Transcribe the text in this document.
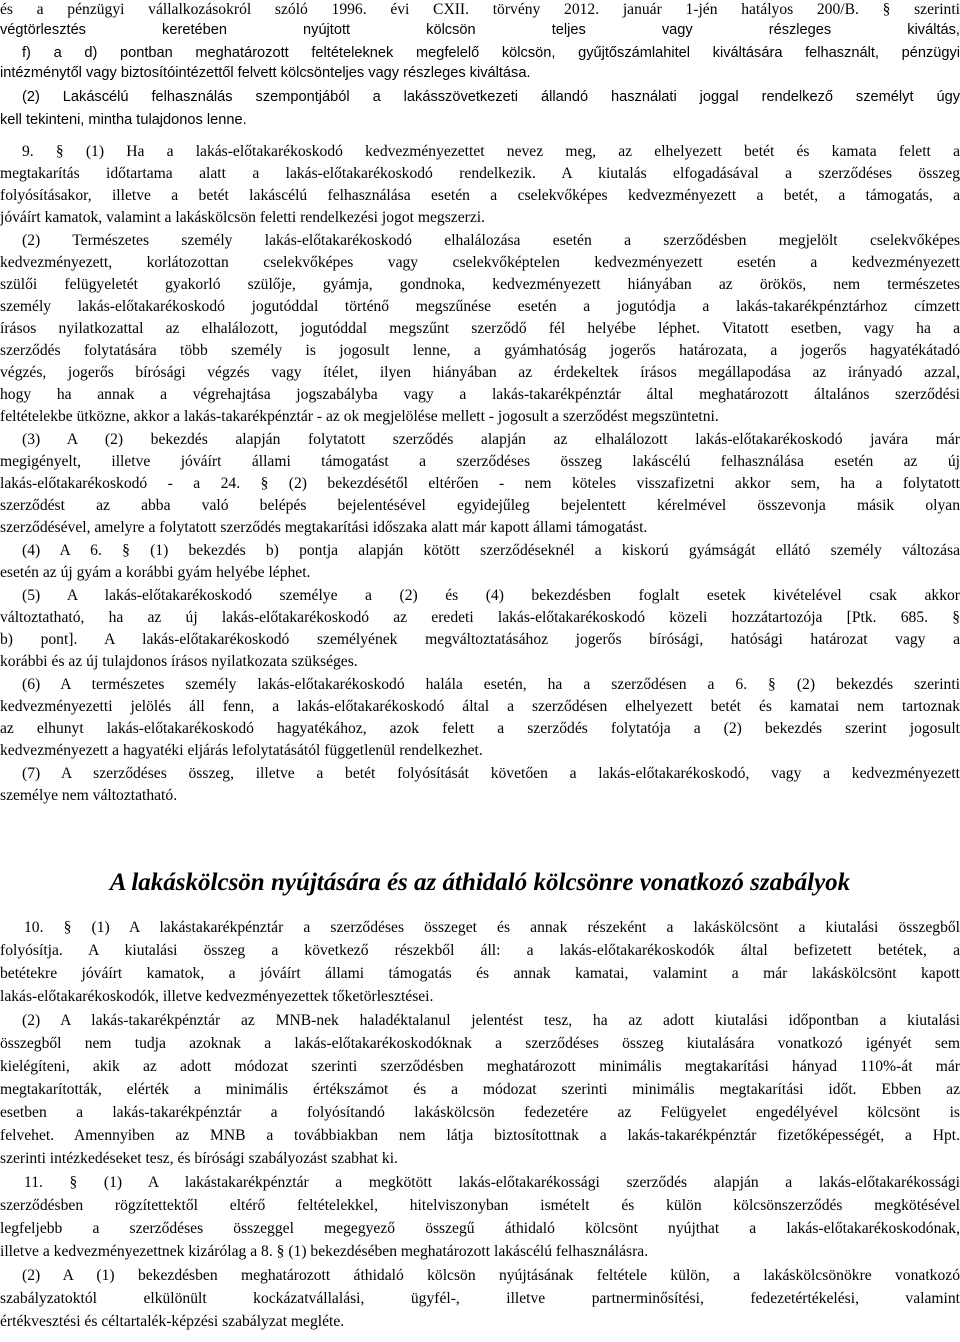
és a pénzügyi vállalkozásokról szóló 1996. évi CXII. törvény 2012. január 1-jén hatályos 200/B. § szerinti
végtörlesztés keretében nyújtott kölcsön teljes vagy részleges kiváltás,
f) a d) pontban meghatározott feltételeknek megfelelő kölcsön, gyűjtőszámlahitel kiváltására felhasznált, pénzügyi
intézménytől vagy biztosítóintézettől felvett kölcsönteljes vagy részleges kiváltása.
(2) Lakáscélú felhasználás szempontjából a lakásszövetkezeti állandó használati joggal rendelkező személyt úgy
kell tekinteni, mintha tulajdonos lenne.
9. § (1) Ha a lakás-előtakarékoskodó kedvezményezettet nevez meg, az elhelyezett betét és kamata felett a
megtakarítás időtartama alatt a lakás-előtakarékoskodó rendelkezik. A kiutalás elfogadásával a szerződéses összeg
folyósításakor, illetve a betét lakáscélú felhasználása esetén a cselekvőképes kedvezményezett a betét, a támogatás, a
jóváírt kamatok, valamint a lakáskölcsön feletti rendelkezési jogot megszerzi.
(2) Természetes személy lakás-előtakarékoskodó elhalálozása esetén a szerződésben megjelölt cselekvőképes
kedvezményezett, korlátozottan cselekvőképes vagy cselekvőképtelen kedvezményezett esetén a kedvezményezett
szülői felügyeletét gyakorló szülője, gyámja, gondnoka, kedvezményezett hiányában az örökös, nem természetes
személy lakás-előtakarékoskodó jogutóddal történő megszűnése esetén a jogutódja a lakás-takarékpénztárhoz címzett
írásos nyilatkozattal az elhalálozott, jogutóddal megszűnt szerződő fél helyébe léphet. Vitatott esetben, vagy ha a
szerződés folytatására több személy is jogosult lenne, a gyámhatóság jogerős határozata, a jogerős hagyatékátadó
végzés, jogerős bírósági végzés vagy ítélet, ilyen hiányában az érdekeltek írásos megállapodása az irányadó azzal,
hogy ha annak a végrehajtása jogszabályba vagy a lakás-takarékpénztár által meghatározott általános szerződési
feltételekbe ütközne, akkor a lakás-takarékpénztár - az ok megjelölése mellett - jogosult a szerződést megszüntetni.
(3) A (2) bekezdés alapján folytatott szerződés alapján az elhalálozott lakás-előtakarékoskodó javára már
megigényelt, illetve jóváírt állami támogatást a szerződéses összeg lakáscélú felhasználása esetén az új
lakás-előtakarékoskodó - a 24. § (2) bekezdésétől eltérően - nem köteles visszafizetni akkor sem, ha a folytatott
szerződést az abba való belépés bejelentésével egyidejűleg bejelentett kérelmével összevonja másik olyan
szerződésével, amelyre a folytatott szerződés megtakarítási időszaka alatt már kapott állami támogatást.
(4) A 6. § (1) bekezdés b) pontja alapján kötött szerződéseknél a kiskorú gyámságát ellátó személy változása
esetén az új gyám a korábbi gyám helyébe léphet.
(5) A lakás-előtakarékoskodó személye a (2) és (4) bekezdésben foglalt esetek kivételével csak akkor
változtatható, ha az új lakás-előtakarékoskodó az eredeti lakás-előtakarékoskodó közeli hozzátartozója [Ptk. 685. §
b) pont]. A lakás-előtakarékoskodó személyének megváltoztatásához jogerős bírósági, hatósági határozat vagy a
korábbi és az új tulajdonos írásos nyilatkozata szükséges.
(6) A természetes személy lakás-előtakarékoskodó halála esetén, ha a szerződésen a 6. § (2) bekezdés szerinti
kedvezményezetti jelölés áll fenn, a lakás-előtakarékoskodó által a szerződésen elhelyezett betét és kamatai nem tartoznak
az elhunyt lakás-előtakarékoskodó hagyatékához, azok felett a szerződés folytatója a (2) bekezdés szerint jogosult
kedvezményezett a hagyatéki eljárás lefolytatásától függetlenül rendelkezhet.
(7) A szerződéses összeg, illetve a betét folyósítását követően a lakás-előtakarékoskodó, vagy a kedvezményezett
személye nem változtatható.
A lakáskölcsön nyújtására és az áthidaló kölcsönre vonatkozó szabályok
10. § (1) A lakástakarékpénztár a szerződéses összeget és annak részeként a lakáskölcsönt a kiutalási összegből
folyósítja. A kiutalási összeg a következő részekből áll: a lakás-előtakarékoskodók által befizetett betétek, a
betétekre jóváírt kamatok, a jóváírt állami támogatás és annak kamatai, valamint a már lakáskölcsönt kapott
lakás-előtakarékoskodók, illetve kedvezményezettek tőketörlesztései.
(2) A lakás-takarékpénztár az MNB-nek haladéktalanul jelentést tesz, ha az adott kiutalási időpontban a kiutalási
összegből nem tudja azoknak a lakás-előtakarékoskodóknak a szerződéses összeg kiutalására vonatkozó igényét sem
kielégíteni, akik az adott módozat szerinti szerződésben meghatározott minimális megtakarítási hányad 110%-át már
megtakarították, elérték a minimális értékszámot és a módozat szerinti minimális megtakarítási időt. Ebben az
esetben a lakás-takarékpénztár a folyósítandó lakáskölcsön fedezetére az Felügyelet engedélyével kölcsönt is
felvehet. Amennyiben az MNB a továbbiakban nem látja biztosítottnak a lakás-takarékpénztár fizetőképességét, a Hpt.
szerinti intézkedéseket tesz, és bírósági szabályozást szabhat ki.
11. § (1) A lakástakarékpénztár a megkötött lakás-előtakarékossági szerződés alapján a lakás-előtakarékossági
szerződésben rögzítettektől eltérő feltételekkel, hitelviszonyban ismételt és külön kölcsönszerződés megkötésével
legfeljebb a szerződéses összeggel megegyező összegű áthidaló kölcsönt nyújthat a lakás-előtakarékoskodónak,
illetve a kedvezményezettnek kizárólag a 8. § (1) bekezdésében meghatározott lakáscélú felhasználásra.
(2) A (1) bekezdésben meghatározott áthidaló kölcsön nyújtásának feltétele külön, a lakáskölcsönökre vonatkozó
szabályzatoktól elkülönült kockázatvállalási, ügyfél-, illetve partnerminősítési, fedezetértékelési, valamint
értékvesztési és céltartalék-képzési szabályzat megléte.
